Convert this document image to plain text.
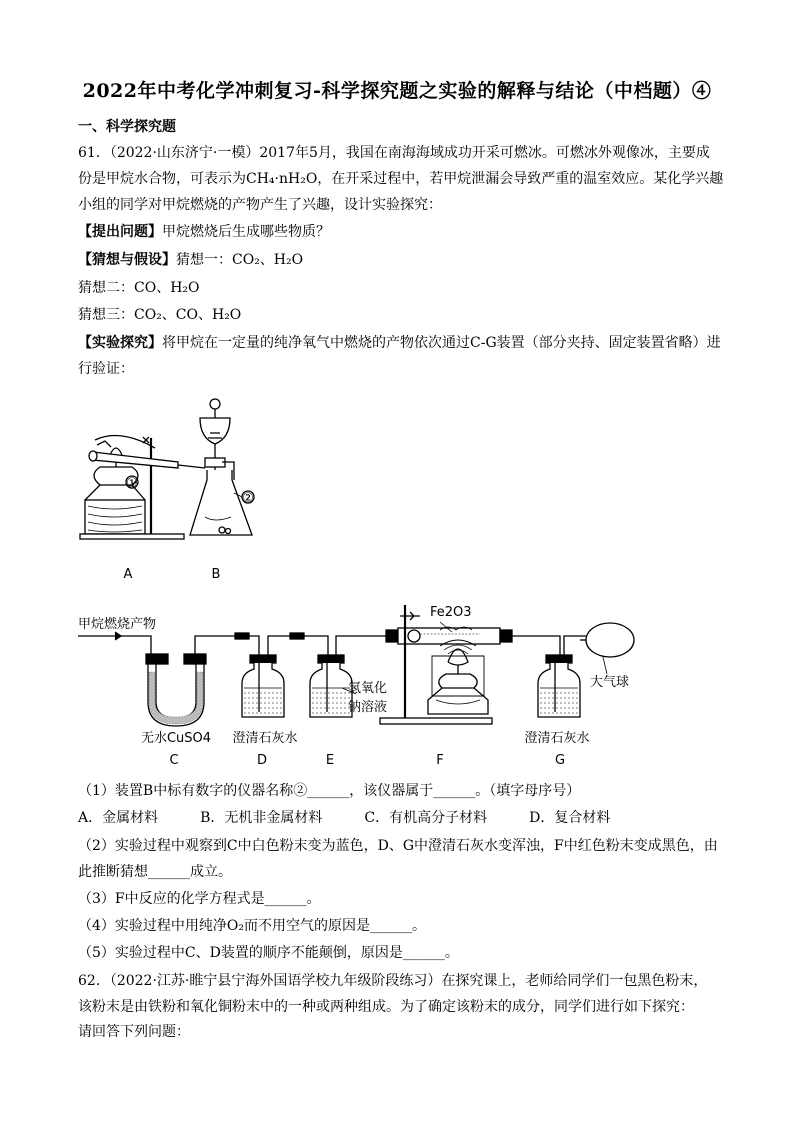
2022年中考化学冲刺复习-科学探究题之实验的解释与结论（中档题）④
一、科学探究题
61．（2022·山东济宁·一模）2017年5月，我国在南海海域成功开采可燃冰。可燃冰外观像冰，主要成
份是甲烷水合物，可表示为CH₄·nH₂O，在开采过程中，若甲烷泄漏会导致严重的温室效应。某化学兴趣
小组的同学对甲烷燃烧的产物产生了兴趣，设计实验探究：
【提出问题】甲烷燃烧后生成哪些物质？
【猜想与假设】猜想一：CO₂、H₂O
猜想二：CO、H₂O
猜想三：CO₂、CO、H₂O
【实验探究】将甲烷在一定量的纯净氧气中燃烧的产物依次通过C-G装置（部分夹持、固定装置省略）进
行验证：
①
②
A	B
甲烷燃烧产物
Fe2O3
氢氧化
钠溶液
大气球
无水CuSO4 澄清石灰水	澄清石灰水
C	D	E	F	G
（1）装置B中标有数字的仪器名称②______，该仪器属于______。（填字母序号）
A．金属材料　　　B．无机非金属材料　　　C．有机高分子材料　　　D．复合材料
（2）实验过程中观察到C中白色粉末变为蓝色，D、G中澄清石灰水变浑浊，F中红色粉末变成黑色，由
此推断猜想______成立。
（3）F中反应的化学方程式是______。
（4）实验过程中用纯净O₂而不用空气的原因是______。
（5）实验过程中C、D装置的顺序不能颠倒，原因是______。
62．（2022·江苏·睢宁县宁海外国语学校九年级阶段练习）在探究课上，老师给同学们一包黑色粉末，
该粉末是由铁粉和氧化铜粉末中的一种或两种组成。为了确定该粉末的成分，同学们进行如下探究：
请回答下列问题：
